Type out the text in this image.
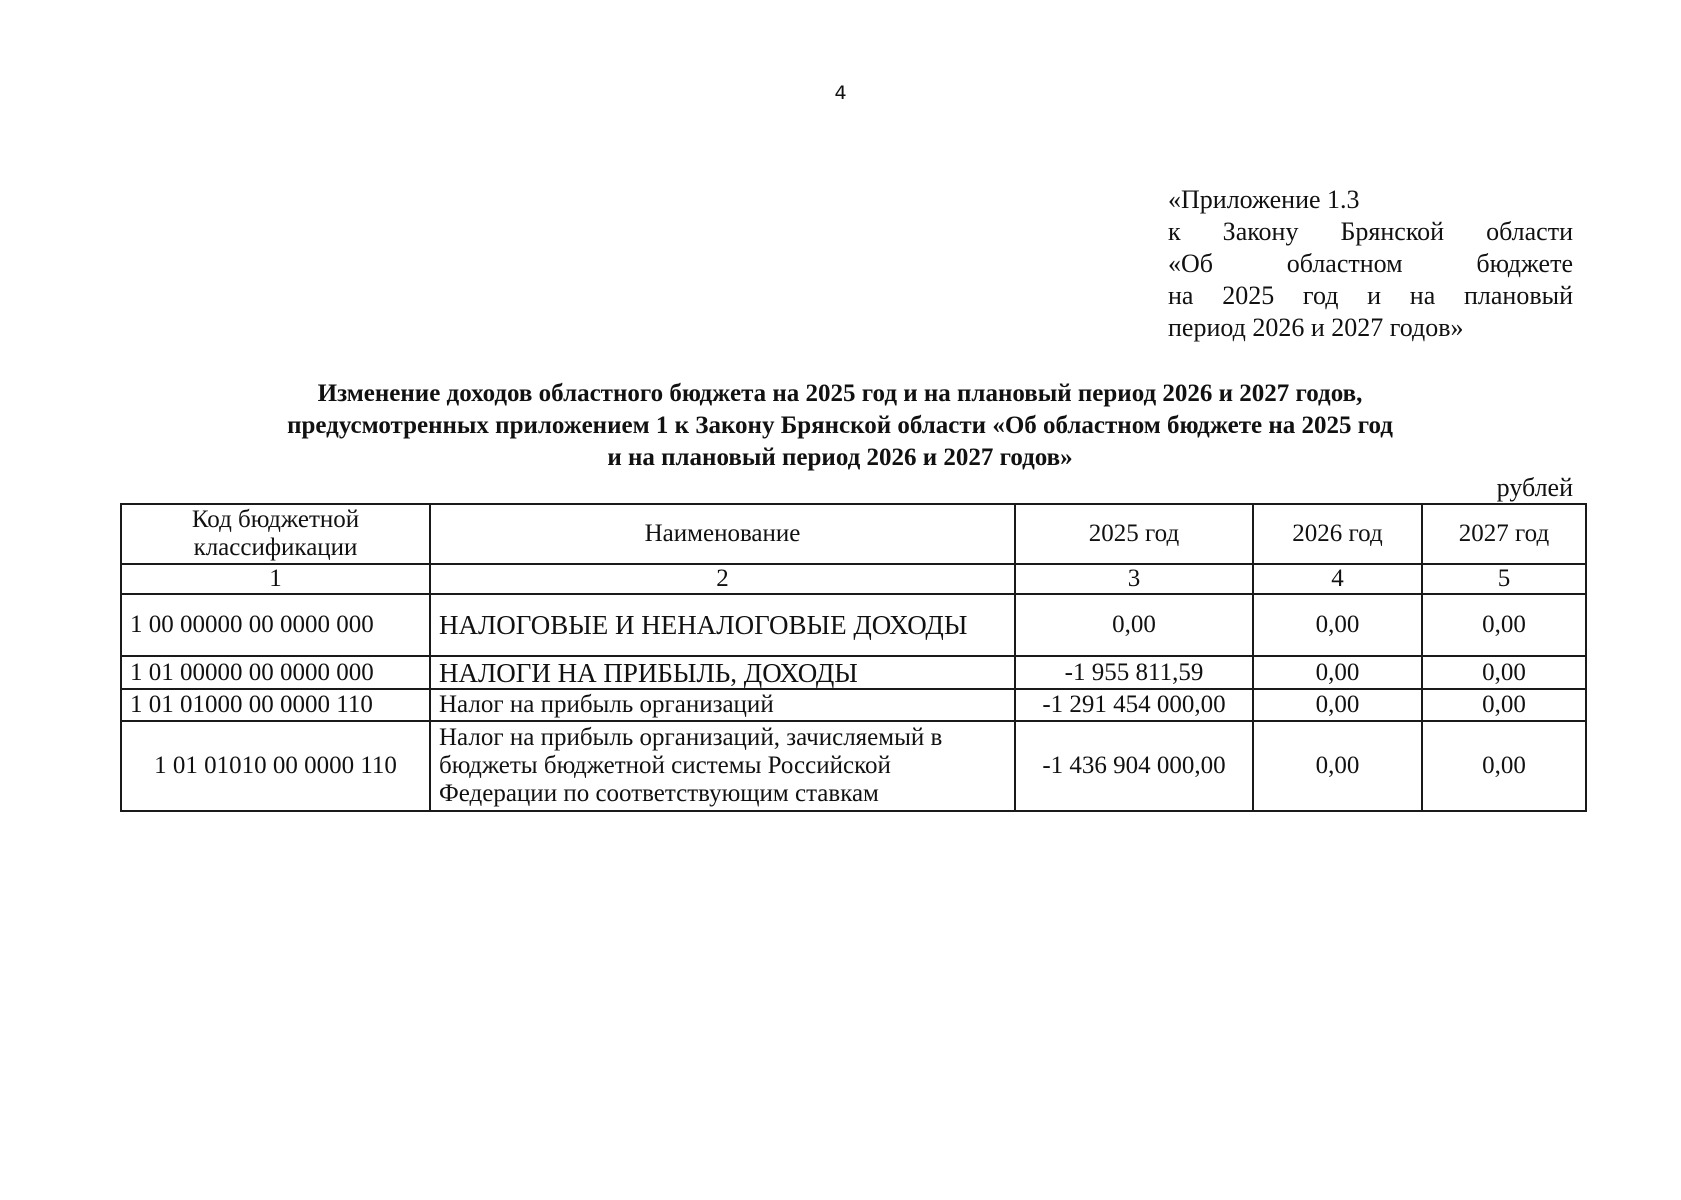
4
«Приложение 1.3
к Закону Брянской области
«Об областном бюджете
на 2025 год и на плановый
период 2026 и 2027 годов»
Изменение доходов областного бюджета на 2025 год и на плановый период 2026 и 2027 годов,
предусмотренных приложением 1 к Закону Брянской области «Об областном бюджете на 2025 год
и на плановый период 2026 и 2027 годов»
рублей
Код бюджетной классификации	Наименование	2025 год	2026 год	2027 год
1	2	3	4	5
1 00 00000 00 0000 000	НАЛОГОВЫЕ И НЕНАЛОГОВЫЕ ДОХОДЫ	0,00	0,00	0,00
1 01 00000 00 0000 000	НАЛОГИ НА ПРИБЫЛЬ, ДОХОДЫ	-1 955 811,59	0,00	0,00
1 01 01000 00 0000 110	Налог на прибыль организаций	-1 291 454 000,00	0,00	0,00
1 01 01010 00 0000 110	Налог на прибыль организаций, зачисляемый в бюджеты бюджетной системы Российской Федерации по соответствующим ставкам	-1 436 904 000,00	0,00	0,00
